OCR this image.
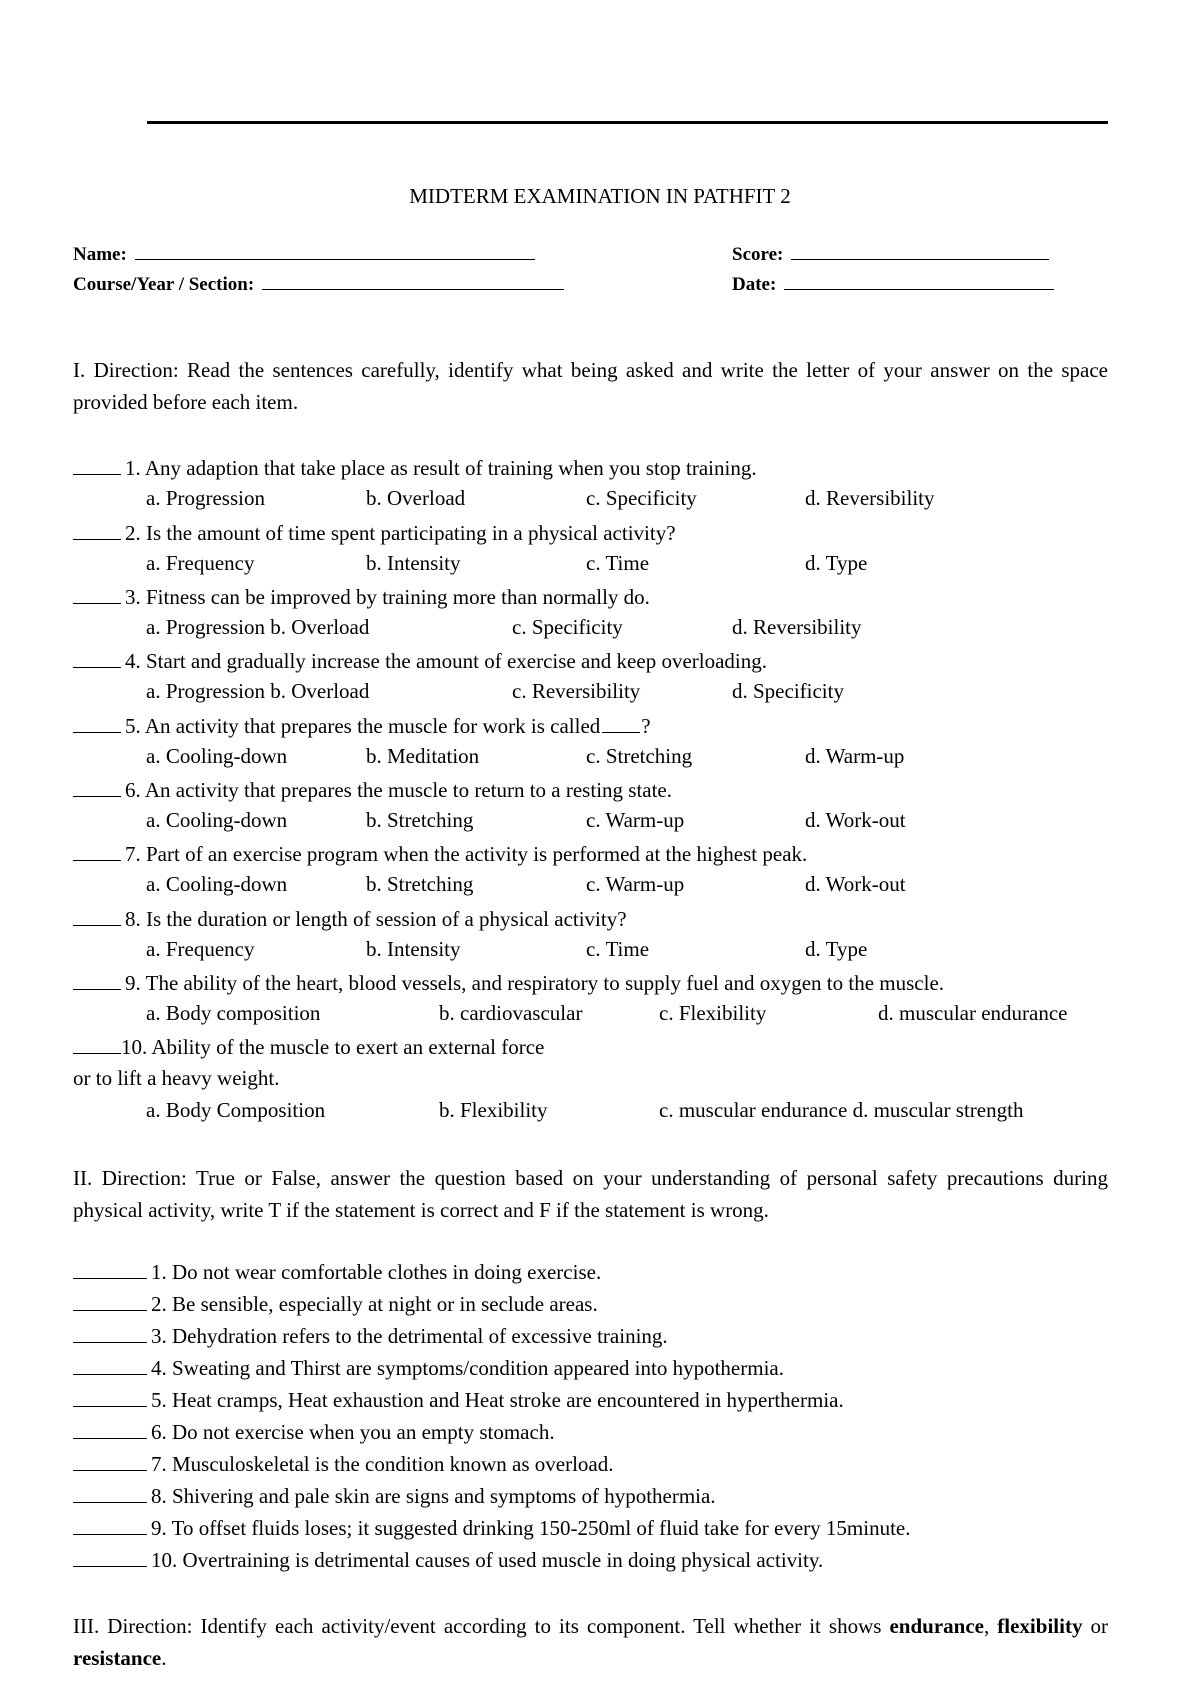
MIDTERM EXAMINATION IN PATHFIT 2
Name:
Course/Year / Section:
Score:
Date:
I. Direction: Read the sentences carefully, identify what being asked and write the letter of your answer on the space provided before each item.
1. Any adaption that take place as result of training when you stop training.
a. Progression	b. Overload	c. Specificity	d. Reversibility
2. Is the amount of time spent participating in a physical activity?
a. Frequency	b. Intensity	c. Time	d. Type
3. Fitness can be improved by training more than normally do.
a. Progression b. Overload	c. Specificity	d. Reversibility
4. Start and gradually increase the amount of exercise and keep overloading.
a. Progression b. Overload	c. Reversibility	d. Specificity
5. An activity that prepares the muscle for work is called ?
a. Cooling-down	b. Meditation	c. Stretching	d. Warm-up
6. An activity that prepares the muscle to return to a resting state.
a. Cooling-down	b. Stretching	c. Warm-up	d. Work-out
7. Part of an exercise program when the activity is performed at the highest peak.
a. Cooling-down	b. Stretching	c. Warm-up	d. Work-out
8. Is the duration or length of session of a physical activity?
a. Frequency	b. Intensity	c. Time	d. Type
9. The ability of the heart, blood vessels, and respiratory to supply fuel and oxygen to the muscle.
a. Body composition	b. cardiovascular	c. Flexibility	d. muscular endurance
10. Ability of the muscle to exert an external force
or to lift a heavy weight.
a. Body Composition	b. Flexibility	c. muscular endurance d. muscular strength
II. Direction: True or False, answer the question based on your understanding of personal safety precautions during physical activity, write T if the statement is correct and F if the statement is wrong.
1. Do not wear comfortable clothes in doing exercise.
2. Be sensible, especially at night or in seclude areas.
3. Dehydration refers to the detrimental of excessive training.
4. Sweating and Thirst are symptoms/condition appeared into hypothermia.
5. Heat cramps, Heat exhaustion and Heat stroke are encountered in hyperthermia.
6. Do not exercise when you an empty stomach.
7. Musculoskeletal is the condition known as overload.
8. Shivering and pale skin are signs and symptoms of hypothermia.
9. To offset fluids loses; it suggested drinking 150-250ml of fluid take for every 15minute.
10. Overtraining is detrimental causes of used muscle in doing physical activity.
III. Direction: Identify each activity/event according to its component. Tell whether it shows endurance, flexibility or resistance.
